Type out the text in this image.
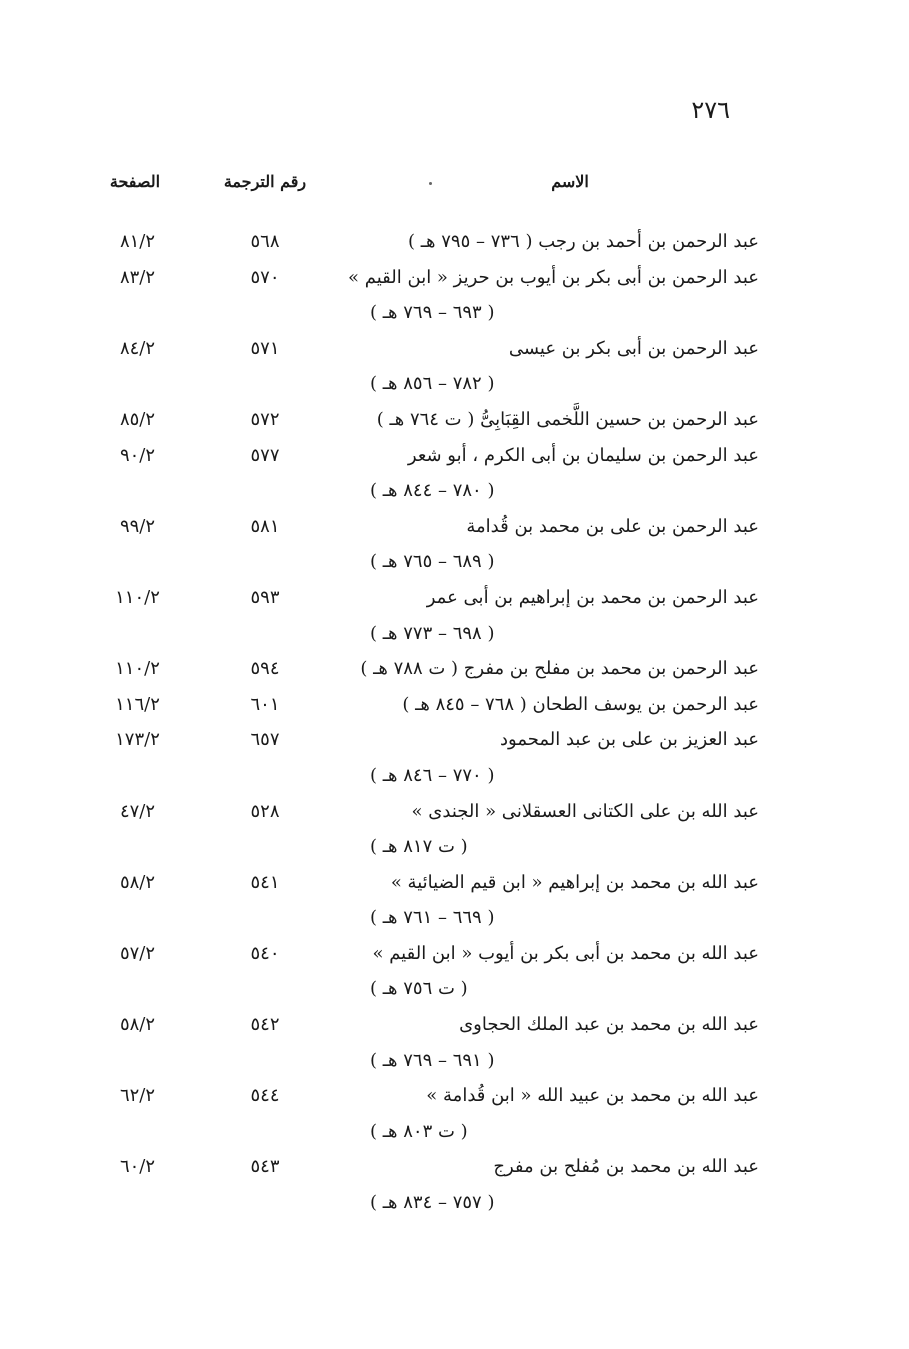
٢٧٦
الاسم
رقم الترجمة
الصفحة
عبد الرحمن بن أحمد بن رجب ( ٧٣٦ – ٧٩٥ هـ )
٥٦٨
٨١/٢
عبد الرحمن بن أبى بكر بن أيوب بن حريز « ابن القيم »
٥٧٠
٨٣/٢
( ٦٩٣ – ٧٦٩ هـ )
عبد الرحمن بن أبى بكر بن عيسى
٥٧١
٨٤/٢
( ٧٨٢ – ٨٥٦ هـ )
عبد الرحمن بن حسين اللَّخمى القِبَابِىُّ ( ت ٧٦٤ هـ )
٥٧٢
٨٥/٢
عبد الرحمن بن سليمان بن أبى الكرم ، أبو شعر
٥٧٧
٩٠/٢
( ٧٨٠ – ٨٤٤ هـ )
عبد الرحمن بن على بن محمد بن قُدامة
٥٨١
٩٩/٢
( ٦٨٩ – ٧٦٥ هـ )
عبد الرحمن بن محمد بن إبراهيم بن أبى عمر
٥٩٣
١١٠/٢
( ٦٩٨ – ٧٧٣ هـ )
عبد الرحمن بن محمد بن مفلح بن مفرج ( ت ٧٨٨ هـ )
٥٩٤
١١٠/٢
عبد الرحمن بن يوسف الطحان ( ٧٦٨ – ٨٤٥ هـ )
٦٠١
١١٦/٢
عبد العزيز بن على بن عبد المحمود
٦٥٧
١٧٣/٢
( ٧٧٠ – ٨٤٦ هـ )
عبد الله بن على الكتانى العسقلانى « الجندى »
٥٢٨
٤٧/٢
( ت ٨١٧ هـ )
عبد الله بن محمد بن إبراهيم « ابن قيم الضيائية »
٥٤١
٥٨/٢
( ٦٦٩ – ٧٦١ هـ )
عبد الله بن محمد بن أبى بكر بن أيوب « ابن القيم »
٥٤٠
٥٧/٢
( ت ٧٥٦ هـ )
عبد الله بن محمد بن عبد الملك الحجاوى
٥٤٢
٥٨/٢
( ٦٩١ – ٧٦٩ هـ )
عبد الله بن محمد بن عبيد الله « ابن قُدامة »
٥٤٤
٦٢/٢
( ت ٨٠٣ هـ )
عبد الله بن محمد بن مُفلح بن مفرج
٥٤٣
٦٠/٢
( ٧٥٧ – ٨٣٤ هـ )
